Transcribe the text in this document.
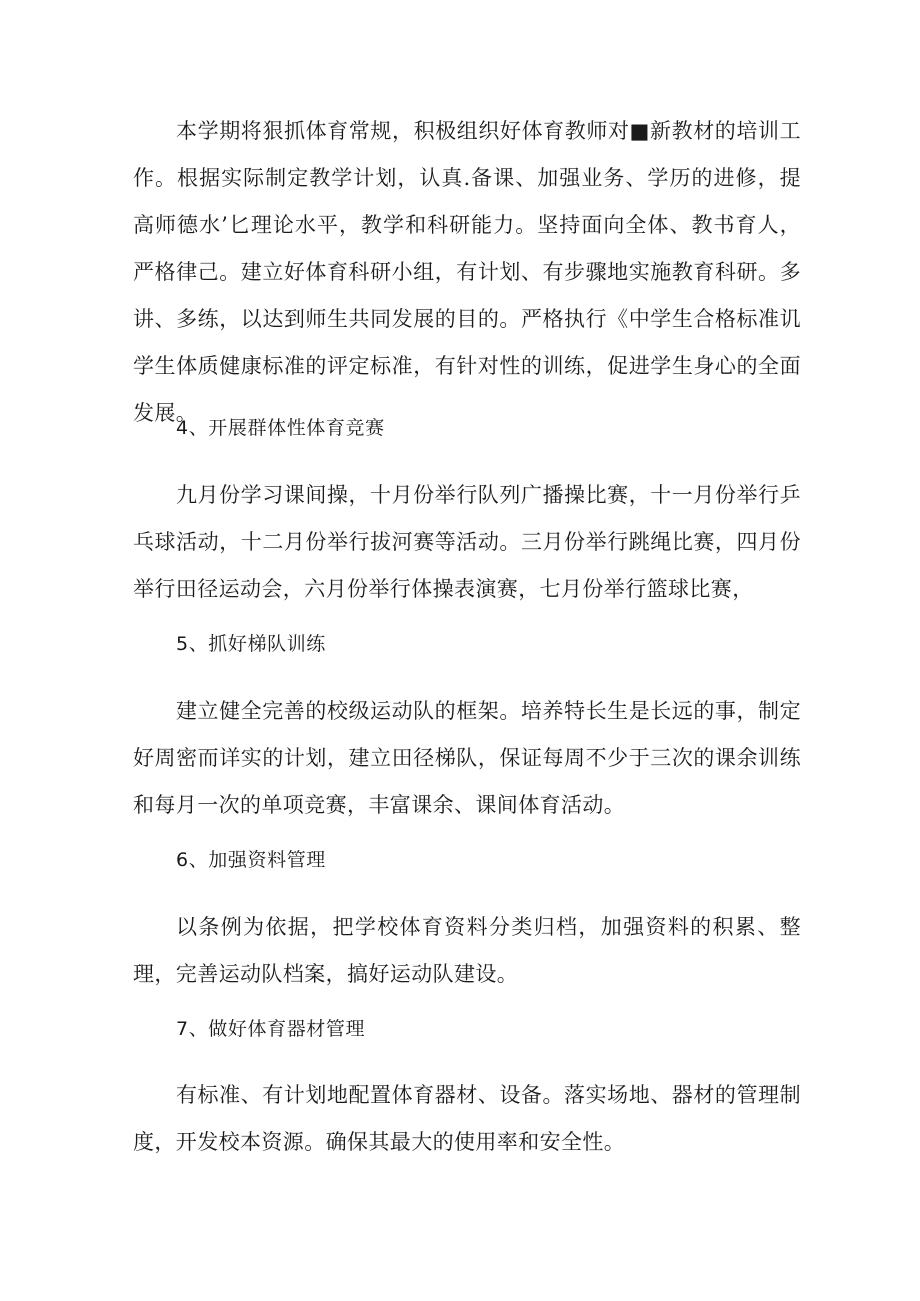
本学期将狠抓体育常规，积极组织好体育教师对■新教材的培训工作。根据实际制定教学计划，认真.备课、加强业务、学历的进修，提高师德水’匕理论水平，教学和科研能力。坚持面向全体、教书育人，严格律己。建立好体育科研小组，有计划、有步骤地实施教育科研。多讲、多练，以达到师生共同发展的目的。严格执行《中学生合格标准讥学生体质健康标准的评定标准，有针对性的训练，促进学生身心的全面发展。

4、开展群体性体育竞赛

九月份学习课间操，十月份举行队列广播操比赛，十一月份举行乒乓球活动，十二月份举行拔河赛等活动。三月份举行跳绳比赛，四月份举行田径运动会，六月份举行体操表演赛，七月份举行篮球比赛，

5、抓好梯队训练

建立健全完善的校级运动队的框架。培养特长生是长远的事，制定好周密而详实的计划，建立田径梯队，保证每周不少于三次的课余训练和每月一次的单项竞赛，丰富课余、课间体育活动。

6、加强资料管理

以条例为依据，把学校体育资料分类归档，加强资料的积累、整理，完善运动队档案，搞好运动队建设。

7、做好体育器材管理

有标准、有计划地配置体育器材、设备。落实场地、器材的管理制度，开发校本资源。确保其最大的使用率和安全性。
